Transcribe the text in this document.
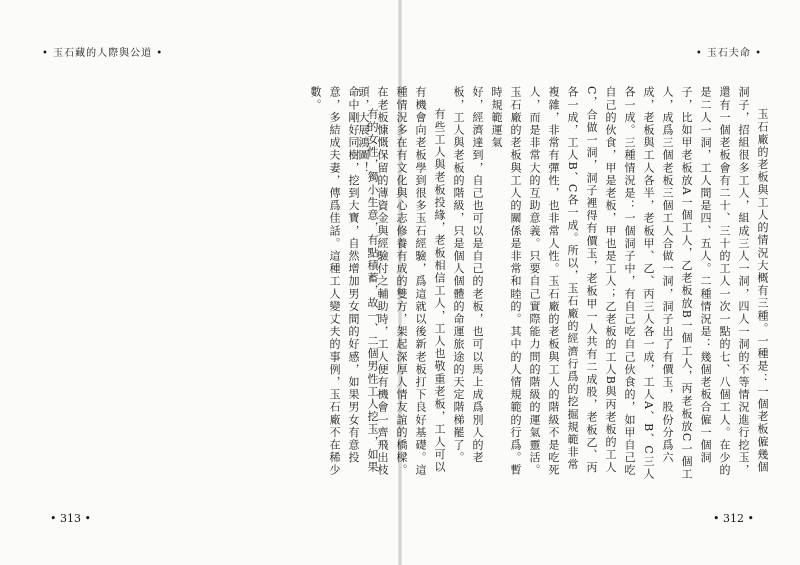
• 玉石藏的人際與公道 •

有的女性，獨小生意，有點積蓄，故一、二個男性工人挖玉，如果命中剛好同樹，挖到大寶，自然增加男女間的好感，如果男女有意投意，多結成夫妻，傳爲佳話。這種工人變丈夫的事例，玉石廠不在稀少數。

• 313 •
• 玉石夫命 •

玉石廠的老板與工人的情況大概有三種。一種是：一個老板僱幾個洞子，招組很多工人，組成三人一洞，四人一洞的不等情況進行挖玉，還有一個老板會有二十、三十的工人一次一點的七、八個工人。在少的是二人一洞，工人間是四、五人。二種情況是：幾個老板合僱一個洞子，比如甲老板放A一個工人，乙老板放B一個工人，丙老板放C一個工人，成爲三個老板三個工人合做一洞，洞子出了有價玉，股份分爲六成，老板與工人各半，老板甲、乙、丙三人各一成，工人A、B、C三人各一成。三種情況是：一個洞子中，有自己吃自己伙食的，如甲自己吃自己的伙食，甲是老板，甲也是工人；乙老板的工人B與丙老板的工人C，合做一洞，洞子裡得有價玉，老板甲一人共有二成股，老板乙、丙各一成，工人B、C各一成。所以，玉石廠的經濟行爲的挖掘規範非常複雜，非常有彈性，也非常人性。玉石廠的老板與工人的階級不是吃死人，而是非常大的互助意義。只要自己實際能力問的階級的運氣靈活。玉石廠的老板與工人的關係是非常和睦的。其中的人情規範的行爲。暫時規範運氣

好，經濟達到，自己也可以是自己的老板，也可以馬上成爲別人的老板，工人與老板的階級，只是個人個體的命運旅途的天定階梯罷了。

有些工人與老板投緣，老板相信工人，工人也敬重老板，工人可以有機會向老板學到很多玉石經驗，爲這就以後新老板打下良好基礎。這種情況多在有文化與心志修養有成的雙方，架起深厚人情友誼的橋樑。在老板慷慨保留的薄資金與經驗付之輔助時，工人便有機會一齊飛出枝頭，大展鴻圖！

• 312 •
